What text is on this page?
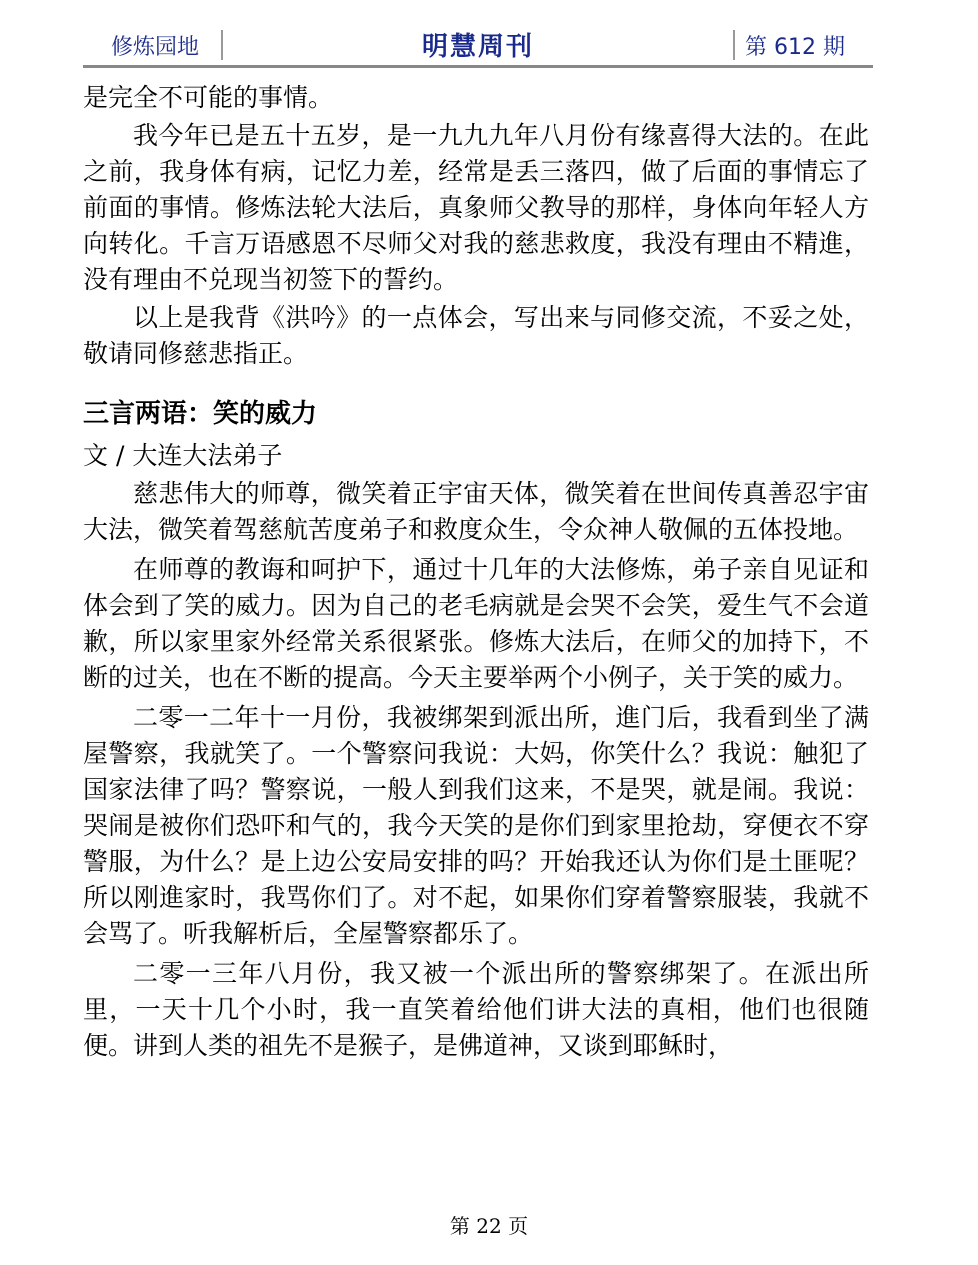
修炼园地	明慧周刊	第 612 期

是完全不可能的事情。

我今年已是五十五岁，是一九九九年八月份有缘喜得大法的。在此之前，我身体有病，记忆力差，经常是丢三落四，做了后面的事情忘了前面的事情。修炼法轮大法后，真象师父教导的那样，身体向年轻人方向转化。千言万语感恩不尽师父对我的慈悲救度，我没有理由不精進，没有理由不兑现当初签下的誓约。

以上是我背《洪吟》的一点体会，写出来与同修交流，不妥之处，敬请同修慈悲指正。

三言两语：笑的威力

文 / 大连大法弟子

慈悲伟大的师尊，微笑着正宇宙天体，微笑着在世间传真善忍宇宙大法，微笑着驾慈航苦度弟子和救度众生，令众神人敬佩的五体投地。

在师尊的教诲和呵护下，通过十几年的大法修炼，弟子亲自见证和体会到了笑的威力。因为自己的老毛病就是会哭不会笑，爱生气不会道歉，所以家里家外经常关系很紧张。修炼大法后，在师父的加持下，不断的过关，也在不断的提高。今天主要举两个小例子，关于笑的威力。

二零一二年十一月份，我被绑架到派出所，進门后，我看到坐了满屋警察，我就笑了。一个警察问我说：大妈，你笑什么？我说：触犯了国家法律了吗？警察说，一般人到我们这来，不是哭，就是闹。我说：哭闹是被你们恐吓和气的，我今天笑的是你们到家里抢劫，穿便衣不穿警服，为什么？是上边公安局安排的吗？开始我还认为你们是土匪呢？所以刚進家时，我骂你们了。对不起，如果你们穿着警察服装，我就不会骂了。听我解析后，全屋警察都乐了。

二零一三年八月份，我又被一个派出所的警察绑架了。在派出所里，一天十几个小时，我一直笑着给他们讲大法的真相，他们也很随便。讲到人类的祖先不是猴子，是佛道神，又谈到耶稣时，

第 22 页
